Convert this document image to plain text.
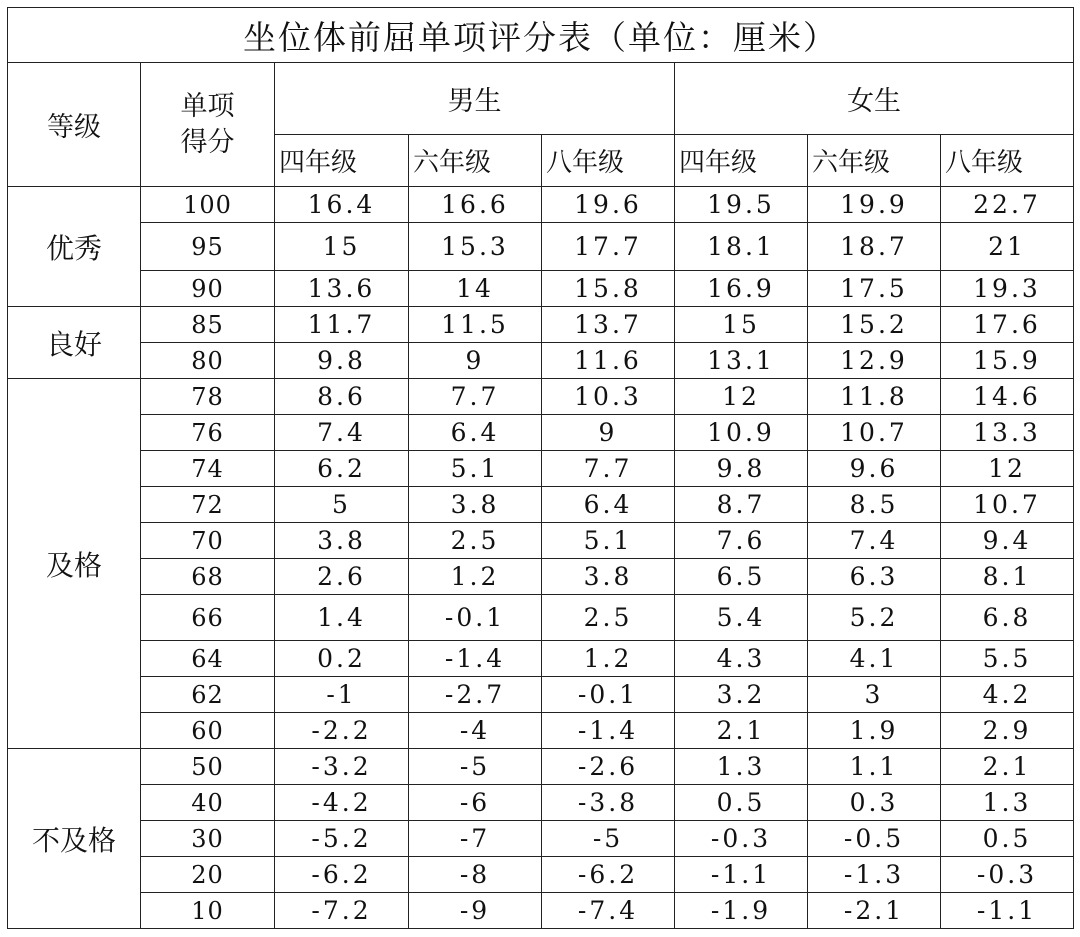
坐位体前屈单项评分表（单位：厘米）							
等级	单项得分	男生			女生		
		四年级	六年级	八年级	四年级	六年级	八年级
优秀	100	16.4	16.6	19.6	19.5	19.9	22.7
	95	15	15.3	17.7	18.1	18.7	21
	90	13.6	14	15.8	16.9	17.5	19.3
良好	85	11.7	11.5	13.7	15	15.2	17.6
	80	9.8	9	11.6	13.1	12.9	15.9
及格	78	8.6	7.7	10.3	12	11.8	14.6
	76	7.4	6.4	9	10.9	10.7	13.3
	74	6.2	5.1	7.7	9.8	9.6	12
	72	5	3.8	6.4	8.7	8.5	10.7
	70	3.8	2.5	5.1	7.6	7.4	9.4
	68	2.6	1.2	3.8	6.5	6.3	8.1
	66	1.4	-0.1	2.5	5.4	5.2	6.8
	64	0.2	-1.4	1.2	4.3	4.1	5.5
	62	-1	-2.7	-0.1	3.2	3	4.2
	60	-2.2	-4	-1.4	2.1	1.9	2.9
不及格	50	-3.2	-5	-2.6	1.3	1.1	2.1
	40	-4.2	-6	-3.8	0.5	0.3	1.3
	30	-5.2	-7	-5	-0.3	-0.5	0.5
	20	-6.2	-8	-6.2	-1.1	-1.3	-0.3
	10	-7.2	-9	-7.4	-1.9	-2.1	-1.1
